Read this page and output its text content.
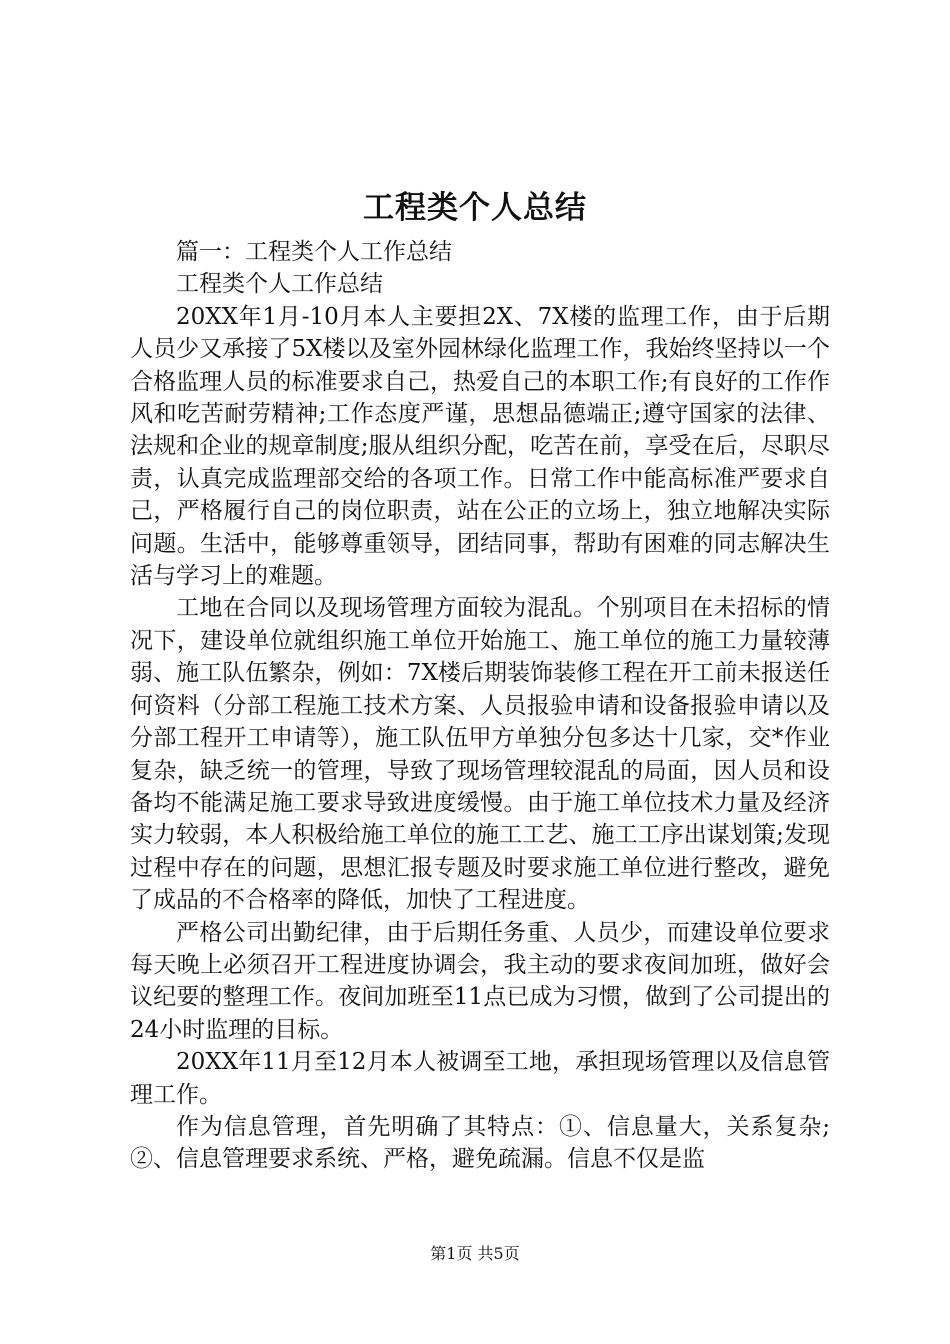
工程类个人总结

篇一：工程类个人工作总结

工程类个人工作总结

20XX年1月-10月本人主要担2X、7X楼的监理工作，由于后期人员少又承接了5X楼以及室外园林绿化监理工作，我始终坚持以一个合格监理人员的标准要求自己，热爱自己的本职工作;有良好的工作作风和吃苦耐劳精神;工作态度严谨，思想品德端正;遵守国家的法律、法规和企业的规章制度;服从组织分配，吃苦在前，享受在后，尽职尽责，认真完成监理部交给的各项工作。日常工作中能高标准严要求自己，严格履行自己的岗位职责，站在公正的立场上，独立地解决实际问题。生活中，能够尊重领导，团结同事，帮助有困难的同志解决生活与学习上的难题。

工地在合同以及现场管理方面较为混乱。个别项目在未招标的情况下，建设单位就组织施工单位开始施工、施工单位的施工力量较薄弱、施工队伍繁杂，例如：7X楼后期装饰装修工程在开工前未报送任何资料（分部工程施工技术方案、人员报验申请和设备报验申请以及分部工程开工申请等），施工队伍甲方单独分包多达十几家，交*作业复杂，缺乏统一的管理，导致了现场管理较混乱的局面，因人员和设备均不能满足施工要求导致进度缓慢。由于施工单位技术力量及经济实力较弱，本人积极给施工单位的施工工艺、施工工序出谋划策;发现过程中存在的问题，思想汇报专题及时要求施工单位进行整改，避免了成品的不合格率的降低，加快了工程进度。

严格公司出勤纪律，由于后期任务重、人员少，而建设单位要求每天晚上必须召开工程进度协调会，我主动的要求夜间加班，做好会议纪要的整理工作。夜间加班至11点已成为习惯，做到了公司提出的24小时监理的目标。

20XX年11月至12月本人被调至工地，承担现场管理以及信息管理工作。

作为信息管理，首先明确了其特点：①、信息量大，关系复杂;②、信息管理要求系统、严格，避免疏漏。信息不仅是监

第1页 共5页
